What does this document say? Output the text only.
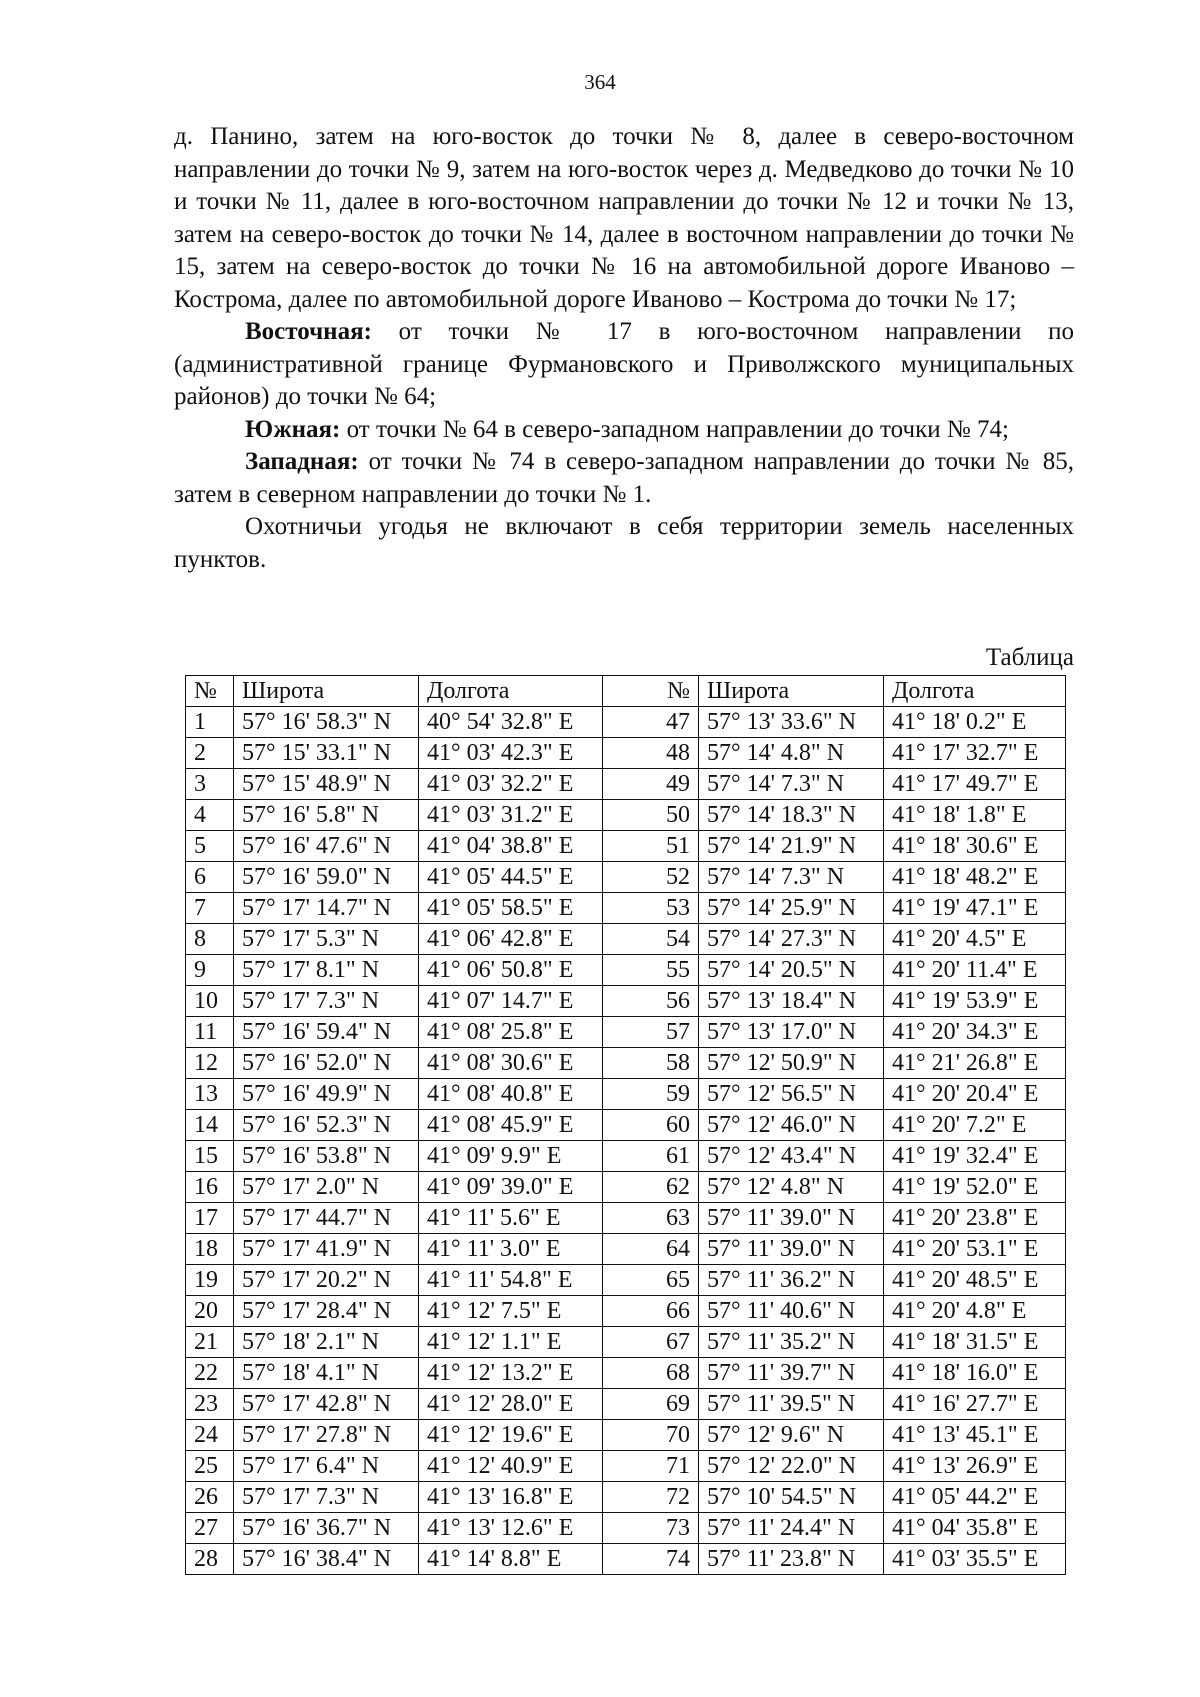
364

д. Панино, затем на юго-восток до точки № 8, далее в северо-восточном направлении до точки № 9, затем на юго-восток через д. Медведково до точки № 10 и точки № 11, далее в юго-восточном направлении до точки № 12 и точки № 13, затем на северо-восток до точки № 14, далее в восточном направлении до точки № 15, затем на северо-восток до точки № 16 на автомобильной дороге Иваново – Кострома, далее по автомобильной дороге Иваново – Кострома до точки № 17;

Восточная: от точки № 17 в юго-восточном направлении по (административной границе Фурмановского и Приволжского муниципальных районов) до точки № 64;

Южная: от точки № 64 в северо-западном направлении до точки № 74;

Западная: от точки № 74 в северо-западном направлении до точки № 85, затем в северном направлении до точки № 1.

Охотничьи угодья не включают в себя территории земель населенных пунктов.

Таблица
№	Широта	Долгота	№	Широта	Долгота
1	57° 16' 58.3" N	40° 54' 32.8" E	47	57° 13' 33.6" N	41° 18' 0.2" E
2	57° 15' 33.1" N	41° 03' 42.3" E	48	57° 14' 4.8" N	41° 17' 32.7" E
3	57° 15' 48.9" N	41° 03' 32.2" E	49	57° 14' 7.3" N	41° 17' 49.7" E
4	57° 16' 5.8" N	41° 03' 31.2" E	50	57° 14' 18.3" N	41° 18' 1.8" E
5	57° 16' 47.6" N	41° 04' 38.8" E	51	57° 14' 21.9" N	41° 18' 30.6" E
6	57° 16' 59.0" N	41° 05' 44.5" E	52	57° 14' 7.3" N	41° 18' 48.2" E
7	57° 17' 14.7" N	41° 05' 58.5" E	53	57° 14' 25.9" N	41° 19' 47.1" E
8	57° 17' 5.3" N	41° 06' 42.8" E	54	57° 14' 27.3" N	41° 20' 4.5" E
9	57° 17' 8.1" N	41° 06' 50.8" E	55	57° 14' 20.5" N	41° 20' 11.4" E
10	57° 17' 7.3" N	41° 07' 14.7" E	56	57° 13' 18.4" N	41° 19' 53.9" E
11	57° 16' 59.4" N	41° 08' 25.8" E	57	57° 13' 17.0" N	41° 20' 34.3" E
12	57° 16' 52.0" N	41° 08' 30.6" E	58	57° 12' 50.9" N	41° 21' 26.8" E
13	57° 16' 49.9" N	41° 08' 40.8" E	59	57° 12' 56.5" N	41° 20' 20.4" E
14	57° 16' 52.3" N	41° 08' 45.9" E	60	57° 12' 46.0" N	41° 20' 7.2" E
15	57° 16' 53.8" N	41° 09' 9.9" E	61	57° 12' 43.4" N	41° 19' 32.4" E
16	57° 17' 2.0" N	41° 09' 39.0" E	62	57° 12' 4.8" N	41° 19' 52.0" E
17	57° 17' 44.7" N	41° 11' 5.6" E	63	57° 11' 39.0" N	41° 20' 23.8" E
18	57° 17' 41.9" N	41° 11' 3.0" E	64	57° 11' 39.0" N	41° 20' 53.1" E
19	57° 17' 20.2" N	41° 11' 54.8" E	65	57° 11' 36.2" N	41° 20' 48.5" E
20	57° 17' 28.4" N	41° 12' 7.5" E	66	57° 11' 40.6" N	41° 20' 4.8" E
21	57° 18' 2.1" N	41° 12' 1.1" E	67	57° 11' 35.2" N	41° 18' 31.5" E
22	57° 18' 4.1" N	41° 12' 13.2" E	68	57° 11' 39.7" N	41° 18' 16.0" E
23	57° 17' 42.8" N	41° 12' 28.0" E	69	57° 11' 39.5" N	41° 16' 27.7" E
24	57° 17' 27.8" N	41° 12' 19.6" E	70	57° 12' 9.6" N	41° 13' 45.1" E
25	57° 17' 6.4" N	41° 12' 40.9" E	71	57° 12' 22.0" N	41° 13' 26.9" E
26	57° 17' 7.3" N	41° 13' 16.8" E	72	57° 10' 54.5" N	41° 05' 44.2" E
27	57° 16' 36.7" N	41° 13' 12.6" E	73	57° 11' 24.4" N	41° 04' 35.8" E
28	57° 16' 38.4" N	41° 14' 8.8" E	74	57° 11' 23.8" N	41° 03' 35.5" E
